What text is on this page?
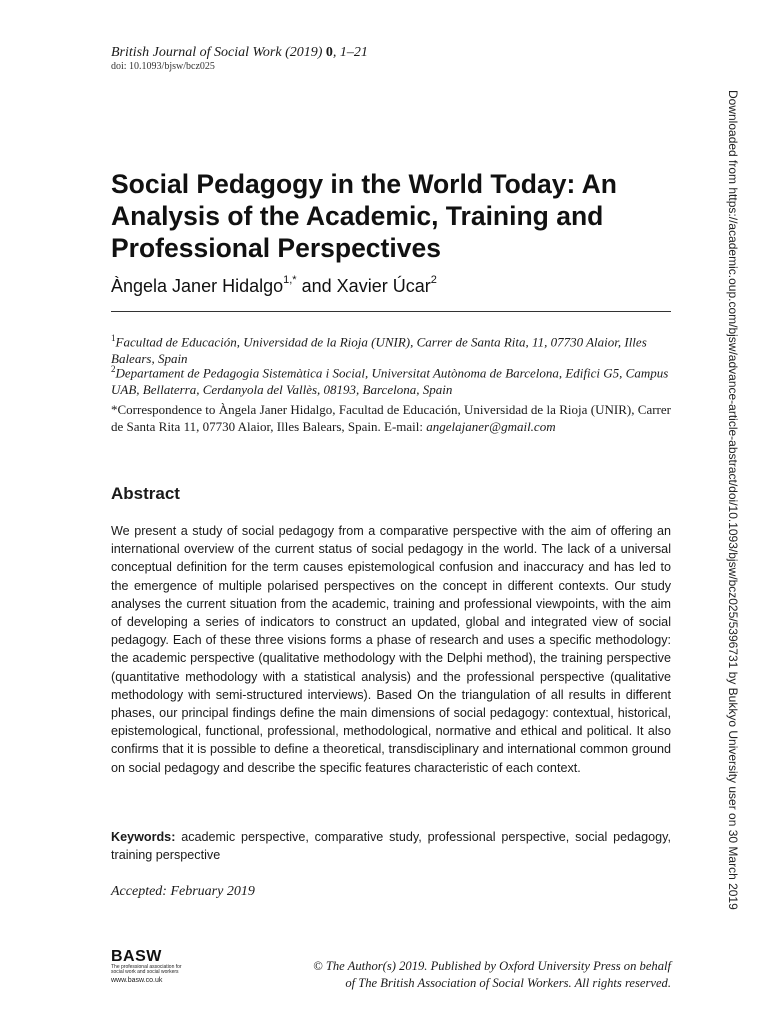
British Journal of Social Work (2019) 0, 1–21
doi: 10.1093/bjsw/bcz025
Social Pedagogy in the World Today: An Analysis of the Academic, Training and Professional Perspectives
Àngela Janer Hidalgo$^{1,*}$ and Xavier Úcar$^2$
$^1$Facultad de Educación, Universidad de la Rioja (UNIR), Carrer de Santa Rita, 11, 07730 Alaior, Illes Balears, Spain
$^2$Departament de Pedagogia Sistemàtica i Social, Universitat Autònoma de Barcelona, Edifici G5, Campus UAB, Bellaterra, Cerdanyola del Vallès, 08193, Barcelona, Spain
*Correspondence to Àngela Janer Hidalgo, Facultad de Educación, Universidad de la Rioja (UNIR), Carrer de Santa Rita 11, 07730 Alaior, Illes Balears, Spain. E-mail: angelajaner@gmail.com
Abstract
We present a study of social pedagogy from a comparative perspective with the aim of offering an international overview of the current status of social pedagogy in the world. The lack of a universal conceptual definition for the term causes epistemological confusion and inaccuracy and has led to the emergence of multiple polarised perspectives on the concept in different contexts. Our study analyses the current situation from the academic, training and professional viewpoints, with the aim of developing a series of indicators to construct an updated, global and integrated view of social pedagogy. Each of these three visions forms a phase of research and uses a specific methodology: the academic perspective (qualitative methodology with the Delphi method), the training perspective (quantitative methodology with a statistical analysis) and the professional perspective (qualitative methodology with semi-structured interviews). Based On the triangulation of all results in different phases, our principal findings define the main dimensions of social pedagogy: contextual, historical, epistemological, functional, professional, methodological, normative and ethical and political. It also confirms that it is possible to define a theoretical, transdisciplinary and international common ground on social pedagogy and describe the specific features characteristic of each context.
Keywords: academic perspective, comparative study, professional perspective, social pedagogy, training perspective
Accepted: February 2019
BASW
The professional association for social work and social workers
www.basw.co.uk
© The Author(s) 2019. Published by Oxford University Press on behalf
of The British Association of Social Workers. All rights reserved.
Downloaded from https://academic.oup.com/bjsw/advance-article-abstract/doi/10.1093/bjsw/bcz025/5396731 by Bukkyo University user on 30 March 2019
